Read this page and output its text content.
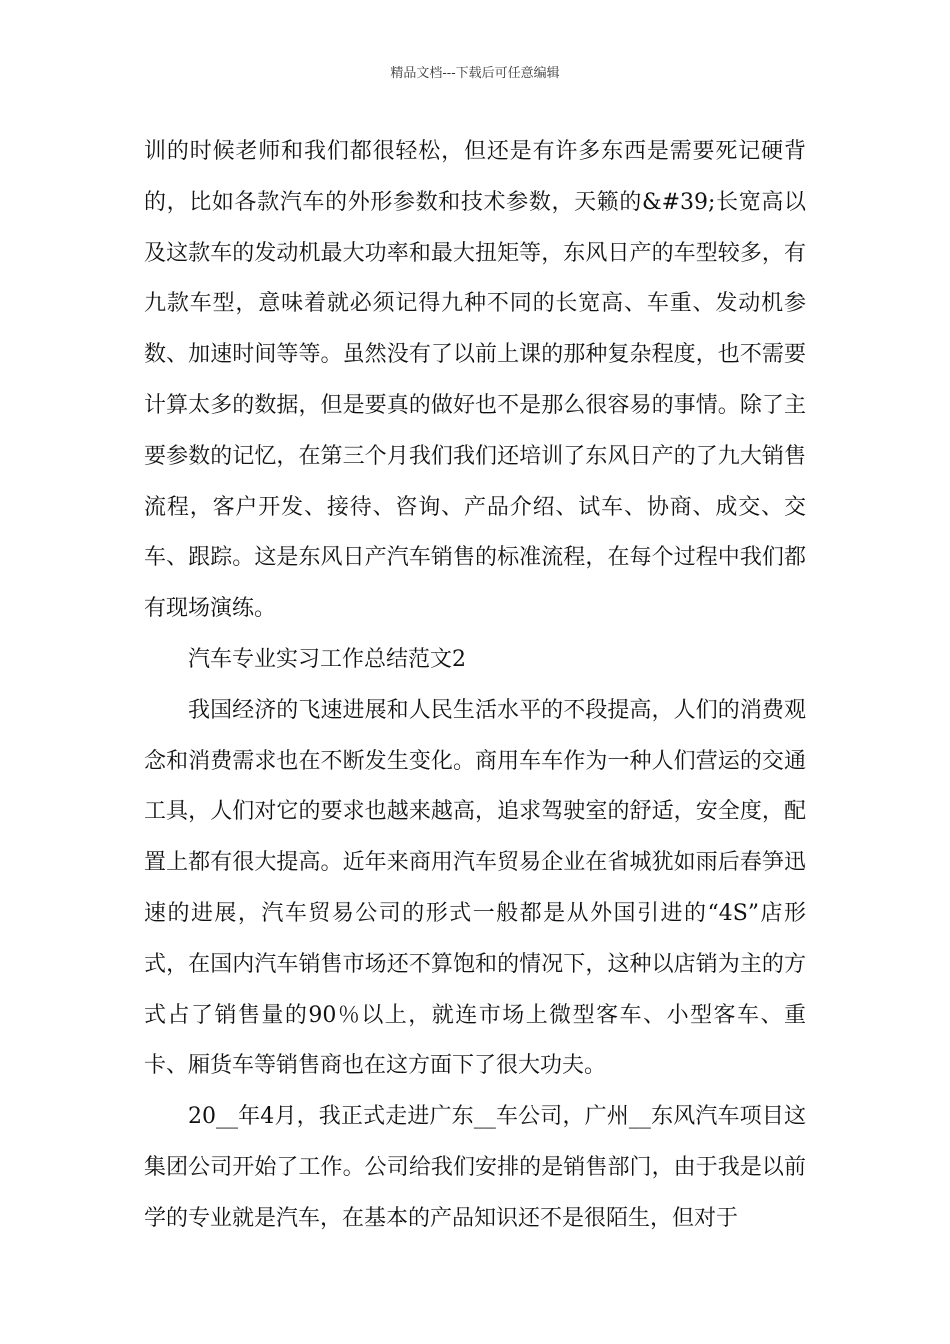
精品文档---下载后可任意编辑

训的时候老师和我们都很轻松，但还是有许多东西是需要死记硬背的，比如各款汽车的外形参数和技术参数，天籁的&#39;长宽高以及这款车的发动机最大功率和最大扭矩等，东风日产的车型较多，有九款车型，意味着就必须记得九种不同的长宽高、车重、发动机参数、加速时间等等。虽然没有了以前上课的那种复杂程度，也不需要计算太多的数据，但是要真的做好也不是那么很容易的事情。除了主要参数的记忆，在第三个月我们我们还培训了东风日产的了九大销售流程，客户开发、接待、咨询、产品介绍、试车、协商、成交、交车、跟踪。这是东风日产汽车销售的标准流程，在每个过程中我们都有现场演练。

汽车专业实习工作总结范文2

我国经济的飞速进展和人民生活水平的不段提高，人们的消费观念和消费需求也在不断发生变化。商用车车作为一种人们营运的交通工具，人们对它的要求也越来越高，追求驾驶室的舒适，安全度，配置上都有很大提高。近年来商用汽车贸易企业在省城犹如雨后春笋迅速的进展，汽车贸易公司的形式一般都是从外国引进的“4S”店形式，在国内汽车销售市场还不算饱和的情况下，这种以店销为主的方式占了销售量的90％以上，就连市场上微型客车、小型客车、重卡、厢货车等销售商也在这方面下了很大功夫。

20__年4月，我正式走进广东__车公司，广州__东风汽车项目这集团公司开始了工作。公司给我们安排的是销售部门，由于我是以前学的专业就是汽车，在基本的产品知识还不是很陌生，但对于
